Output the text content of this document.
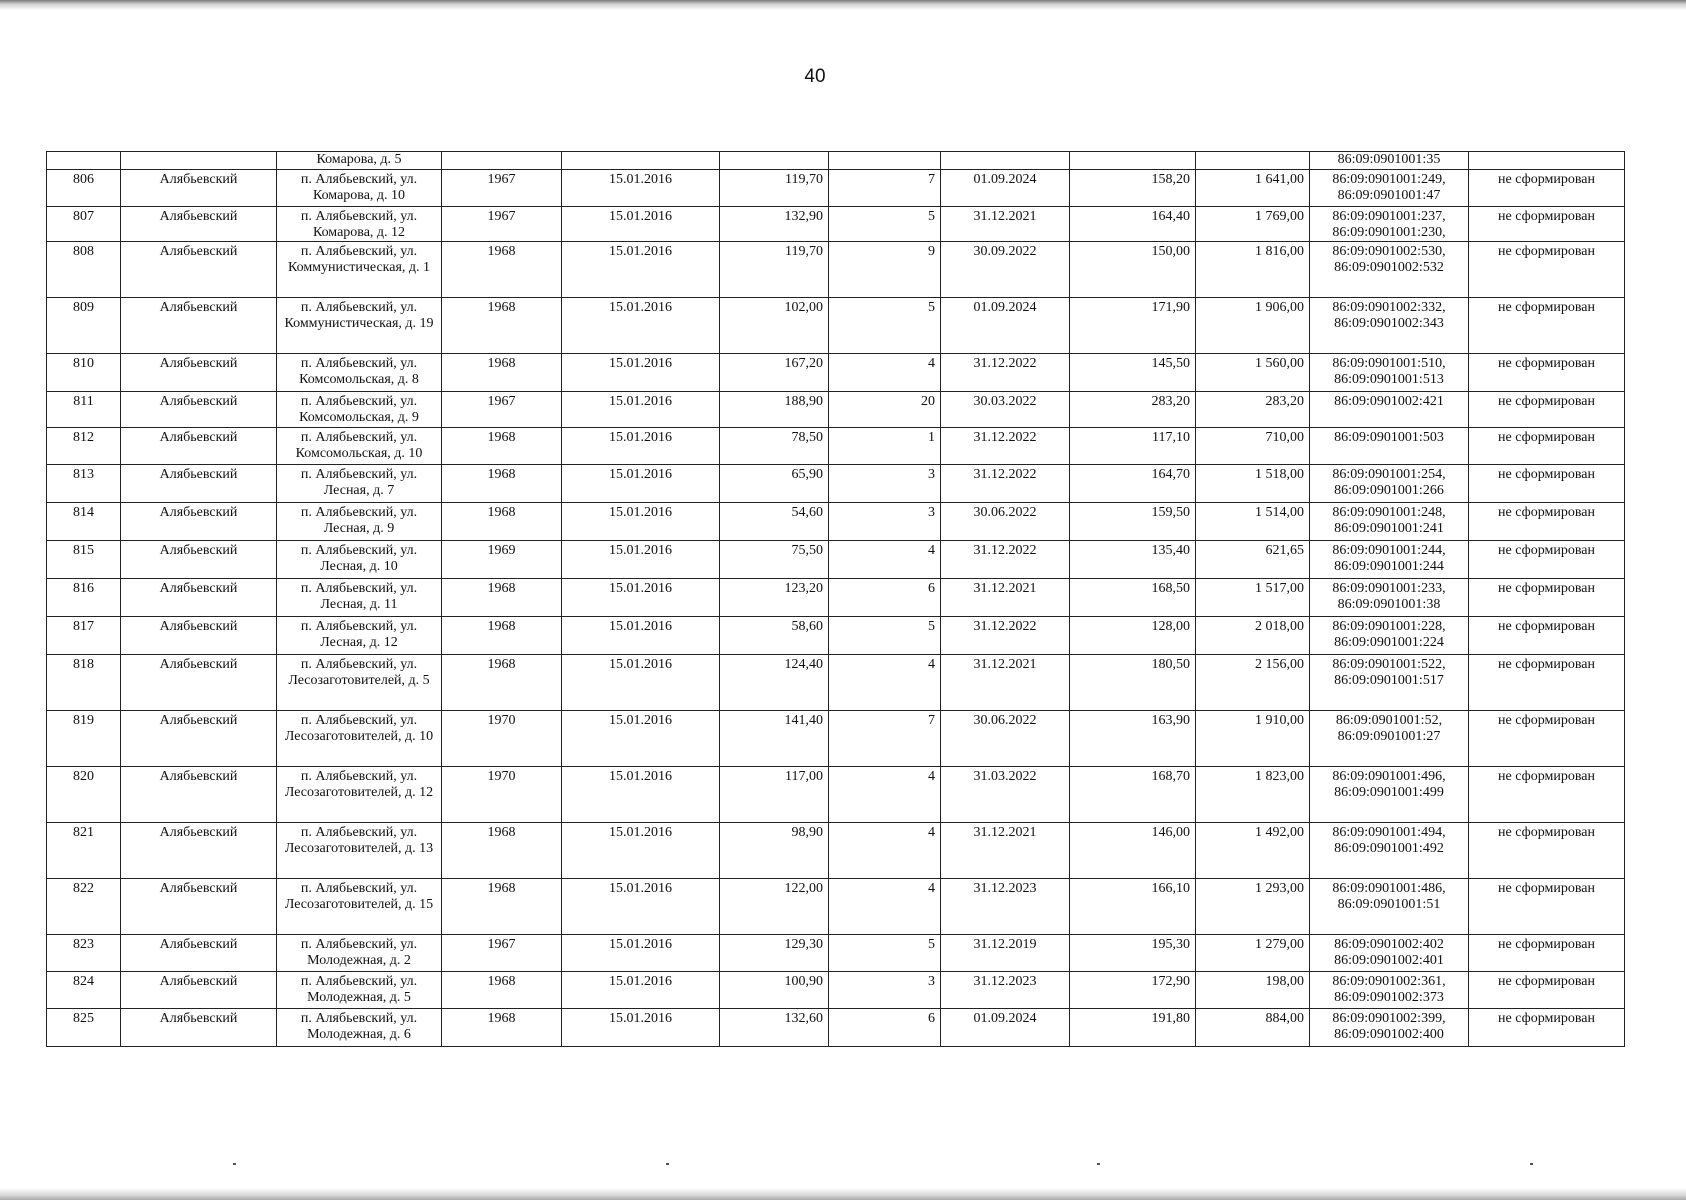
40
		Комарова, д. 5								86:09:0901001:35	
806	Алябьевский	п. Алябьевский, ул. Комарова, д. 10	1967	15.01.2016	119,70	7	01.09.2024	158,20	1 641,00	86:09:0901001:249, 86:09:0901001:47	не сформирован
807	Алябьевский	п. Алябьевский, ул. Комарова, д. 12	1967	15.01.2016	132,90	5	31.12.2021	164,40	1 769,00	86:09:0901001:237, 86:09:0901001:230,	не сформирован
808	Алябьевский	п. Алябьевский, ул. Коммунистическая, д. 1	1968	15.01.2016	119,70	9	30.09.2022	150,00	1 816,00	86:09:0901002:530, 86:09:0901002:532	не сформирован
809	Алябьевский	п. Алябьевский, ул. Коммунистическая, д. 19	1968	15.01.2016	102,00	5	01.09.2024	171,90	1 906,00	86:09:0901002:332, 86:09:0901002:343	не сформирован
810	Алябьевский	п. Алябьевский, ул. Комсомольская, д. 8	1968	15.01.2016	167,20	4	31.12.2022	145,50	1 560,00	86:09:0901001:510, 86:09:0901001:513	не сформирован
811	Алябьевский	п. Алябьевский, ул. Комсомольская, д. 9	1967	15.01.2016	188,90	20	30.03.2022	283,20	283,20	86:09:0901002:421	не сформирован
812	Алябьевский	п. Алябьевский, ул. Комсомольская, д. 10	1968	15.01.2016	78,50	1	31.12.2022	117,10	710,00	86:09:0901001:503	не сформирован
813	Алябьевский	п. Алябьевский, ул. Лесная, д. 7	1968	15.01.2016	65,90	3	31.12.2022	164,70	1 518,00	86:09:0901001:254, 86:09:0901001:266	не сформирован
814	Алябьевский	п. Алябьевский, ул. Лесная, д. 9	1968	15.01.2016	54,60	3	30.06.2022	159,50	1 514,00	86:09:0901001:248, 86:09:0901001:241	не сформирован
815	Алябьевский	п. Алябьевский, ул. Лесная, д. 10	1969	15.01.2016	75,50	4	31.12.2022	135,40	621,65	86:09:0901001:244, 86:09:0901001:244	не сформирован
816	Алябьевский	п. Алябьевский, ул. Лесная, д. 11	1968	15.01.2016	123,20	6	31.12.2021	168,50	1 517,00	86:09:0901001:233, 86:09:0901001:38	не сформирован
817	Алябьевский	п. Алябьевский, ул. Лесная, д. 12	1968	15.01.2016	58,60	5	31.12.2022	128,00	2 018,00	86:09:0901001:228, 86:09:0901001:224	не сформирован
818	Алябьевский	п. Алябьевский, ул. Лесозаготовителей, д. 5	1968	15.01.2016	124,40	4	31.12.2021	180,50	2 156,00	86:09:0901001:522, 86:09:0901001:517	не сформирован
819	Алябьевский	п. Алябьевский, ул. Лесозаготовителей, д. 10	1970	15.01.2016	141,40	7	30.06.2022	163,90	1 910,00	86:09:0901001:52, 86:09:0901001:27	не сформирован
820	Алябьевский	п. Алябьевский, ул. Лесозаготовителей, д. 12	1970	15.01.2016	117,00	4	31.03.2022	168,70	1 823,00	86:09:0901001:496, 86:09:0901001:499	не сформирован
821	Алябьевский	п. Алябьевский, ул. Лесозаготовителей, д. 13	1968	15.01.2016	98,90	4	31.12.2021	146,00	1 492,00	86:09:0901001:494, 86:09:0901001:492	не сформирован
822	Алябьевский	п. Алябьевский, ул. Лесозаготовителей, д. 15	1968	15.01.2016	122,00	4	31.12.2023	166,10	1 293,00	86:09:0901001:486, 86:09:0901001:51	не сформирован
823	Алябьевский	п. Алябьевский, ул. Молодежная, д. 2	1967	15.01.2016	129,30	5	31.12.2019	195,30	1 279,00	86:09:0901002:402 86:09:0901002:401	не сформирован
824	Алябьевский	п. Алябьевский, ул. Молодежная, д. 5	1968	15.01.2016	100,90	3	31.12.2023	172,90	198,00	86:09:0901002:361, 86:09:0901002:373	не сформирован
825	Алябьевский	п. Алябьевский, ул. Молодежная, д. 6	1968	15.01.2016	132,60	6	01.09.2024	191,80	884,00	86:09:0901002:399, 86:09:0901002:400	не сформирован
